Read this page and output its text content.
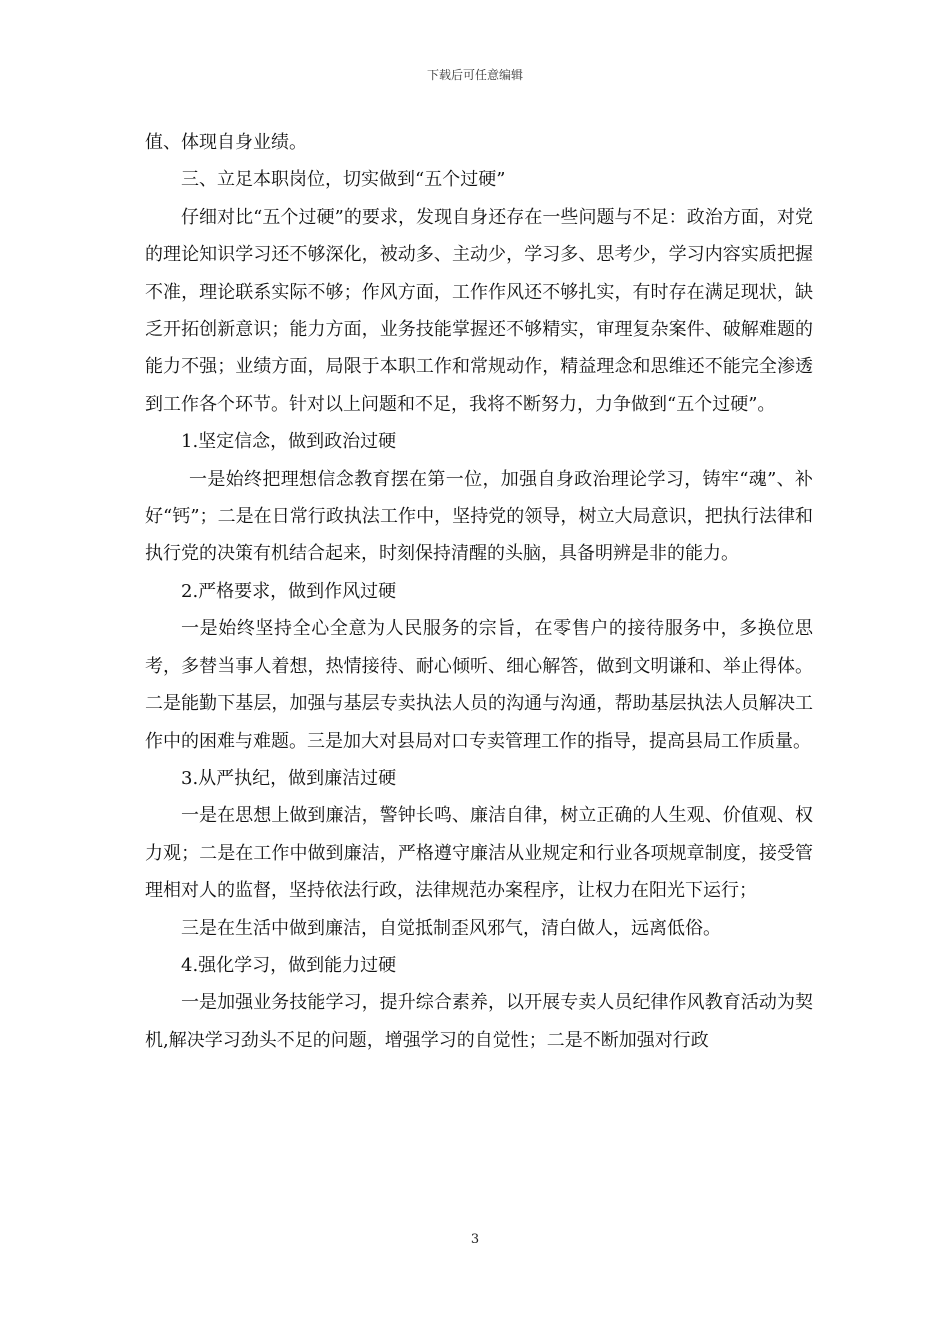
下载后可任意编辑

值、体现自身业绩。

三、立足本职岗位，切实做到“五个过硬”

仔细对比“五个过硬”的要求，发现自身还存在一些问题与不足：政治方面，对党的理论知识学习还不够深化，被动多、主动少，学习多、思考少，学习内容实质把握不准，理论联系实际不够；作风方面，工作作风还不够扎实，有时存在满足现状，缺乏开拓创新意识；能力方面，业务技能掌握还不够精实，审理复杂案件、破解难题的能力不强；业绩方面，局限于本职工作和常规动作，精益理念和思维还不能完全渗透到工作各个环节。针对以上问题和不足，我将不断努力，力争做到“五个过硬”。

1.坚定信念，做到政治过硬

一是始终把理想信念教育摆在第一位，加强自身政治理论学习，铸牢“魂”、补好“钙”；二是在日常行政执法工作中，坚持党的领导，树立大局意识，把执行法律和执行党的决策有机结合起来，时刻保持清醒的头脑，具备明辨是非的能力。

2.严格要求，做到作风过硬

一是始终坚持全心全意为人民服务的宗旨，在零售户的接待服务中，多换位思考，多替当事人着想，热情接待、耐心倾听、细心解答，做到文明谦和、举止得体。二是能勤下基层，加强与基层专卖执法人员的沟通与沟通，帮助基层执法人员解决工作中的困难与难题。三是加大对县局对口专卖管理工作的指导，提高县局工作质量。

3.从严执纪，做到廉洁过硬

一是在思想上做到廉洁，警钟长鸣、廉洁自律，树立正确的人生观、价值观、权力观；二是在工作中做到廉洁，严格遵守廉洁从业规定和行业各项规章制度，接受管理相对人的监督，坚持依法行政，法律规范办案程序，让权力在阳光下运行；

三是在生活中做到廉洁，自觉抵制歪风邪气，清白做人，远离低俗。

4.强化学习，做到能力过硬

一是加强业务技能学习，提升综合素养，以开展专卖人员纪律作风教育活动为契机,解决学习劲头不足的问题，增强学习的自觉性；二是不断加强对行政

3
